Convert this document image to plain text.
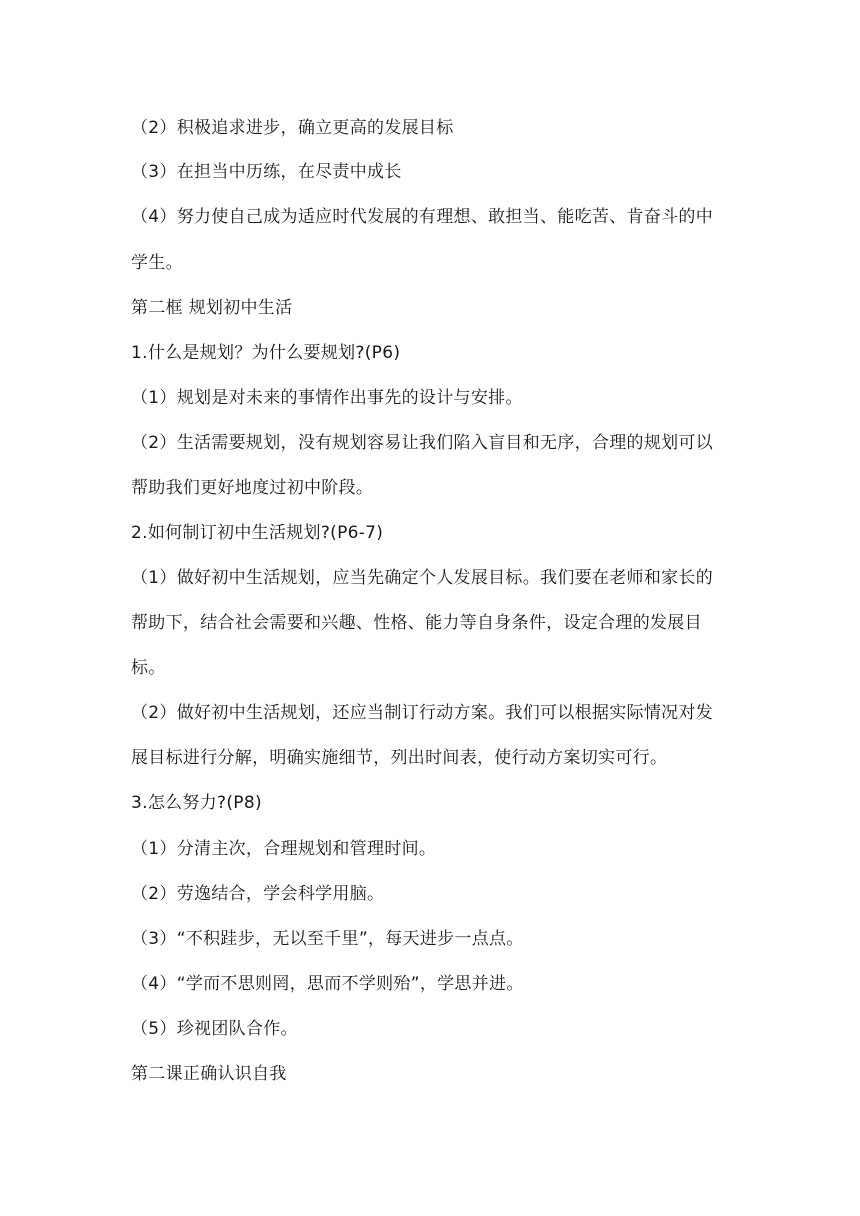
（2）积极追求进步，确立更高的发展目标
（3）在担当中历练，在尽责中成长
（4）努力使自己成为适应时代发展的有理想、敢担当、能吃苦、肯奋斗的中
学生。
第二框 规划初中生活
1.什么是规划？为什么要规划?(P6)
（1）规划是对未来的事情作出事先的设计与安排。
（2）生活需要规划，没有规划容易让我们陷入盲目和无序，合理的规划可以
帮助我们更好地度过初中阶段。
2.如何制订初中生活规划?(P6-7)
（1）做好初中生活规划，应当先确定个人发展目标。我们要在老师和家长的
帮助下，结合社会需要和兴趣、性格、能力等自身条件，设定合理的发展目
标。
（2）做好初中生活规划，还应当制订行动方案。我们可以根据实际情况对发
展目标进行分解，明确实施细节，列出时间表，使行动方案切实可行。
3.怎么努力?(P8)
（1）分清主次，合理规划和管理时间。
（2）劳逸结合，学会科学用脑。
（3）“不积跬步，无以至千里”，每天进步一点点。
（4）“学而不思则罔，思而不学则殆”，学思并进。
（5）珍视团队合作。
第二课正确认识自我
